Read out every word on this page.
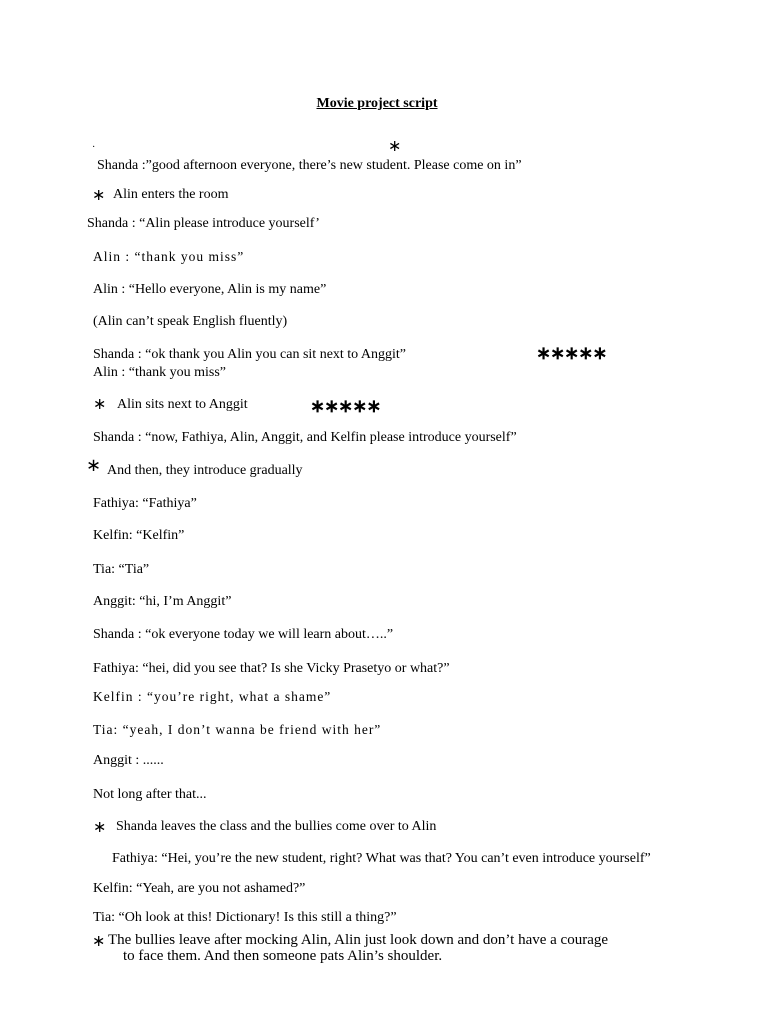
Movie project script
·	∗
Shanda :”good afternoon everyone, there’s new student. Please come on in”
∗ Alin enters the room
Shanda : “Alin please introduce yourself’
Alin : “thank you miss”
Alin : “Hello everyone, Alin is my name”
(Alin can’t speak English fluently)
Shanda : “ok thank you Alin you can sit next to Anggit”	∗∗∗∗∗
Alin : “thank you miss”
∗ Alin sits next to Anggit	∗∗∗∗∗
Shanda : “now, Fathiya, Alin, Anggit, and Kelfin please introduce yourself”
∗ And then, they introduce gradually
Fathiya: “Fathiya”
Kelfin: “Kelfin”
Tia: “Tia”
Anggit: “hi, I’m Anggit”
Shanda : “ok everyone today we will learn about…..”
Fathiya: “hei, did you see that? Is she Vicky Prasetyo or what?”
Kelfin : “you’re right, what a shame”
Tia: “yeah, I don’t wanna be friend with her”
Anggit : ......
Not long after that...
∗ Shanda leaves the class and the bullies come over to Alin
Fathiya: “Hei, you’re the new student, right? What was that? You can’t even introduce yourself”
Kelfin: “Yeah, are you not ashamed?”
Tia: “Oh look at this! Dictionary! Is this still a thing?”
∗ The bullies leave after mocking Alin, Alin just look down and don’t have a courage
to face them. And then someone pats Alin’s shoulder.
